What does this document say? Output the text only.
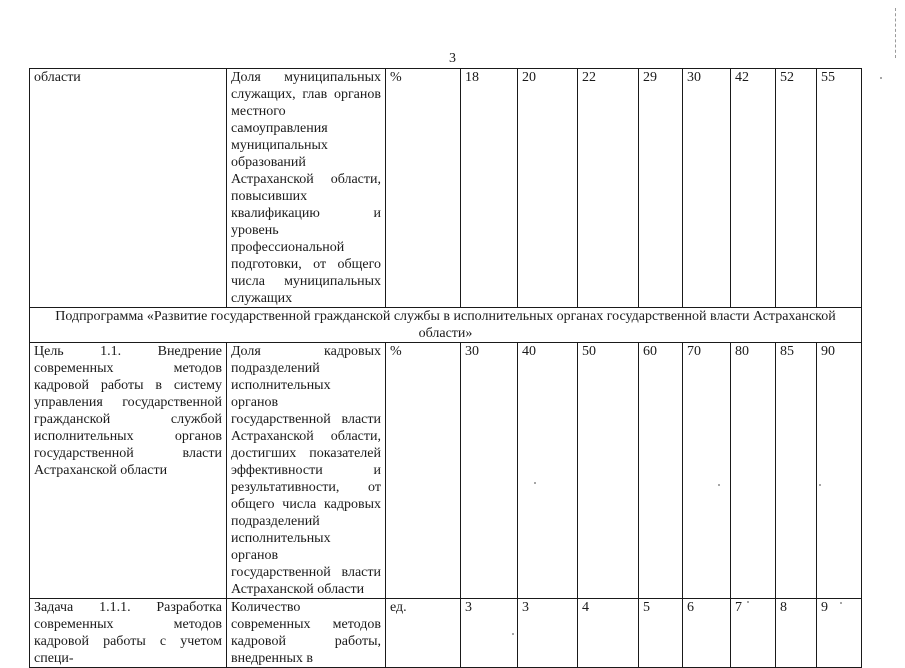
3
области	Доля муниципальных служащих, глав органов местного самоуправления муниципальных образований Астраханской области, повысивших квалификацию и уровень профессиональной подготовки, от общего числа муниципальных служащих	%	18	20	22	29	30	42	52	55
Подпрограмма «Развитие государственной гражданской службы в исполнительных органах государственной власти Астраханской области»										
Цель 1.1. Внедрение современных методов кадровой работы в систему управления государственной гражданской службой исполнительных органов государственной власти Астраханской области	Доля кадровых подразделений исполнительных органов государственной власти Астраханской области, достигших показателей эффективности и результативности, от общего числа кадровых подразделений исполнительных органов государственной власти Астраханской области	%	30	40	50	60	70	80	85	90
Задача 1.1.1. Разработка современных методов кадровой работы с учетом специ-	Количество современных методов кадровой работы, внедренных в	ед.	3	3	4	5	6	7	8	9
